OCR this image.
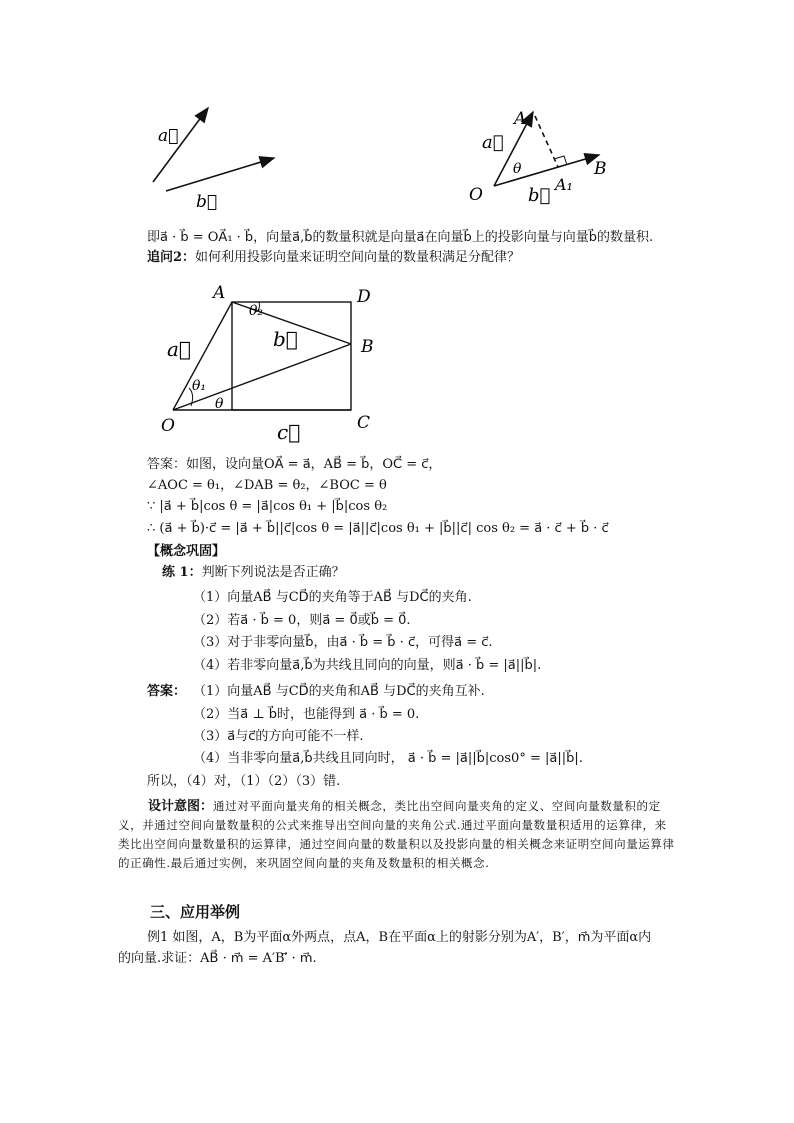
a⃗
b⃗
A
a⃗
θ
O	b⃗
A₁
B
即a⃗ · b⃗ = OA⃗₁ · b⃗，向量a⃗,b⃗的数量积就是向量a⃗在向量b⃗上的投影向量与向量b⃗的数量积.
追问2：如何利用投影向量来证明空间向量的数量积满足分配律？
A	D
B
C
O
a⃗	b⃗
c⃗
θ₁
θ₂
θ
答案：如图，设向量OA⃗ = a⃗，AB⃗ = b⃗，OC⃗ = c⃗，
∠AOC = θ₁，∠DAB = θ₂，∠BOC = θ
∵ |a⃗ + b⃗|cos θ = |a⃗|cos θ₁ + |b⃗|cos θ₂
∴ (a⃗ + b⃗)·c⃗ = |a⃗ + b⃗||c⃗|cos θ = |a⃗||c⃗|cos θ₁ + |b⃗||c⃗| cos θ₂ = a⃗ · c⃗ + b⃗ · c⃗
【概念巩固】
练 1：判断下列说法是否正确？
（1）向量AB⃗ 与CD⃗的夹角等于AB⃗ 与DC⃗的夹角.
（2）若a⃗ · b⃗ = 0，则a⃗ = 0⃗或b⃗ = 0⃗.
（3）对于非零向量b⃗，由a⃗ · b⃗ = b⃗ · c⃗，可得a⃗ = c⃗.
（4）若非零向量a⃗,b⃗为共线且同向的向量，则a⃗ · b⃗ = |a⃗||b⃗|.
答案： （1）向量AB⃗ 与CD⃗的夹角和AB⃗ 与DC⃗的夹角互补.
（2）当a⃗ ⊥ b⃗时，也能得到 a⃗ · b⃗ = 0.
（3）a⃗与c⃗的方向可能不一样.
（4）当非零向量a⃗,b⃗共线且同向时， a⃗ · b⃗ = |a⃗||b⃗|cos0° = |a⃗||b⃗|.
所以，（4）对，（1）（2）（3）错.
设计意图：通过对平面向量夹角的相关概念，类比出空间向量夹角的定义、空间向量数量积的定义，并通过空间向量数量积的公式来推导出空间向量的夹角公式.通过平面向量数量积适用的运算律，来类比出空间向量数量积的运算律，通过空间向量的数量积以及投影向量的相关概念来证明空间向量运算律的正确性.最后通过实例，来巩固空间向量的夹角及数量积的相关概念.
三、应用举例
例1 如图，A，B为平面α外两点，点A，B在平面α上的射影分别为A′，B′，m⃗为平面α内
的向量.求证：AB⃗ · m⃗ = A′B′⃗ · m⃗.
